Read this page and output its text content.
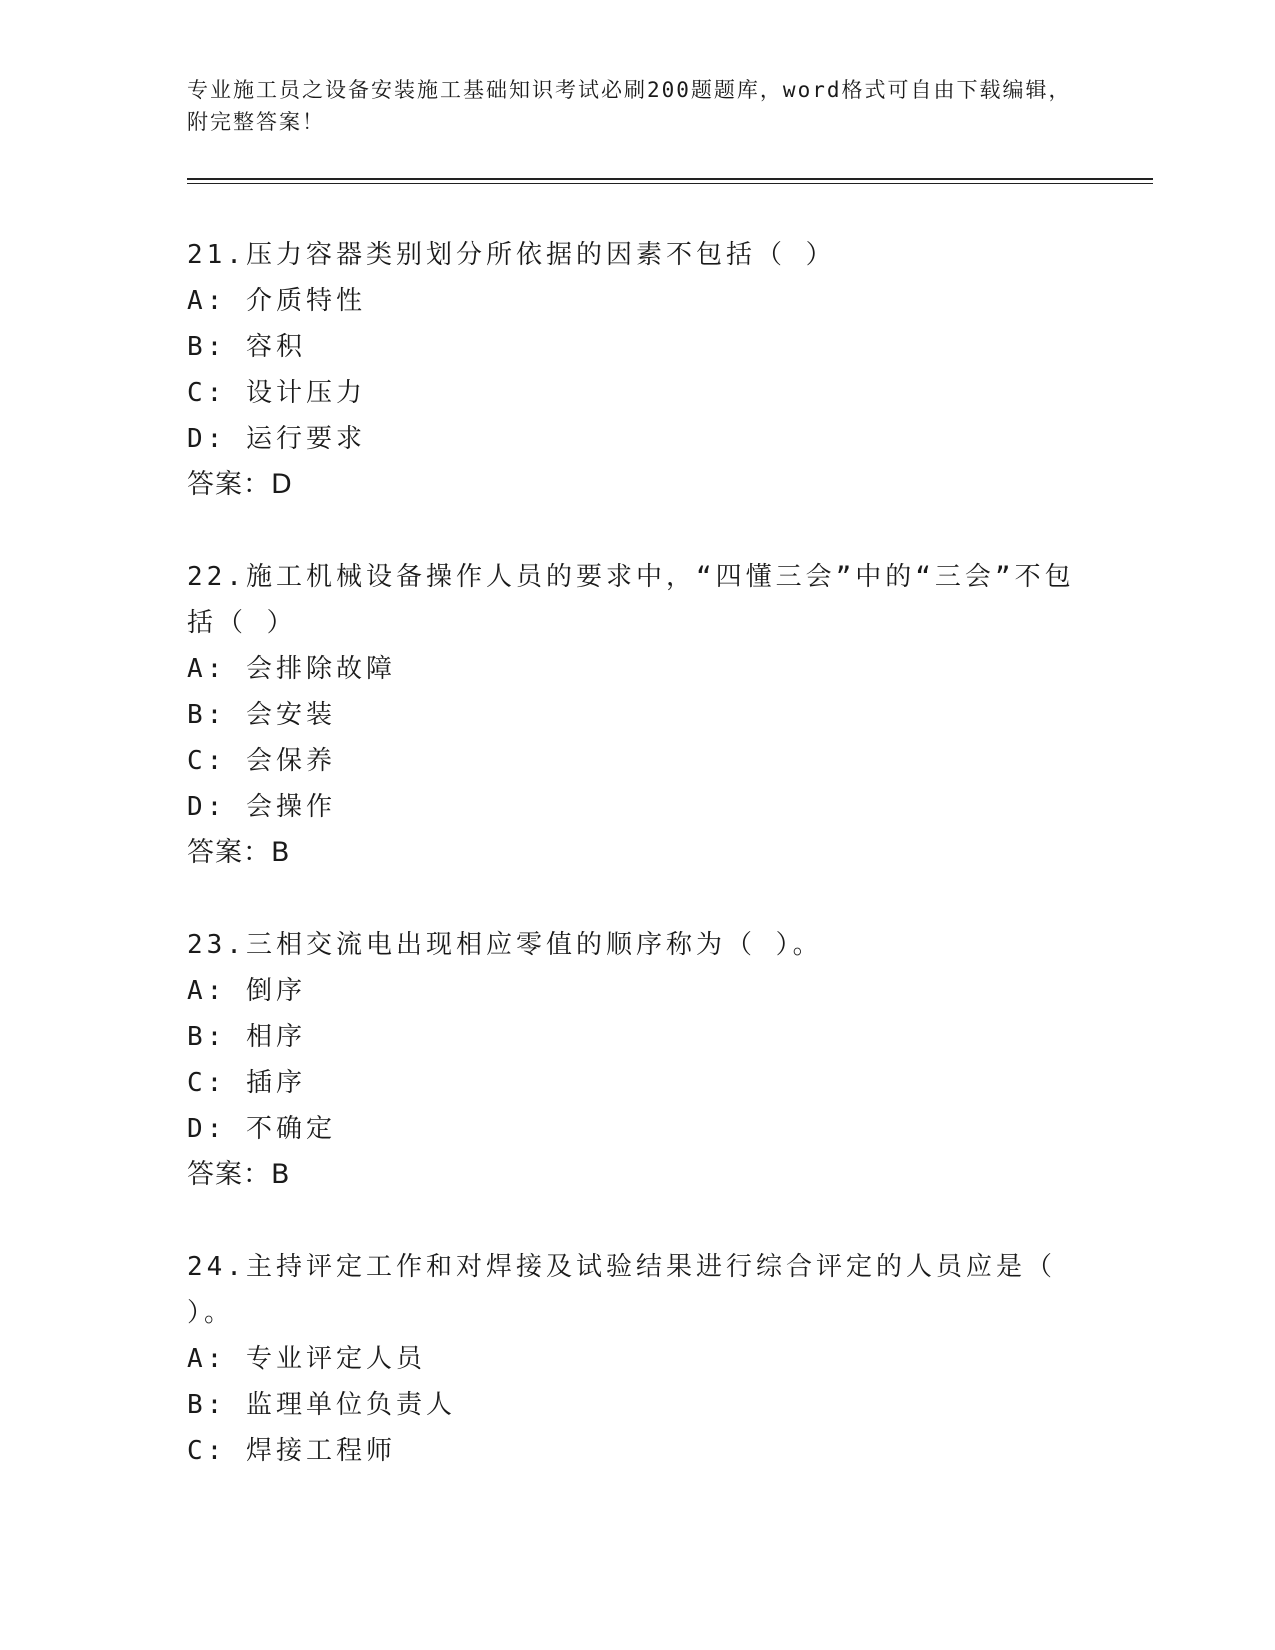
专业施工员之设备安装施工基础知识考试必刷200题题库，word格式可自由下载编辑，附完整答案！
21.压力容器类别划分所依据的因素不包括（ ）
A: 介质特性
B: 容积
C: 设计压力
D: 运行要求
答案：D
22.施工机械设备操作人员的要求中，“四懂三会”中的“三会”不包括（ ）
A: 会排除故障
B: 会安装
C: 会保养
D: 会操作
答案：B
23.三相交流电出现相应零值的顺序称为（ ）。
A: 倒序
B: 相序
C: 插序
D: 不确定
答案：B
24.主持评定工作和对焊接及试验结果进行综合评定的人员应是（ ）。
A: 专业评定人员
B: 监理单位负责人
C: 焊接工程师
